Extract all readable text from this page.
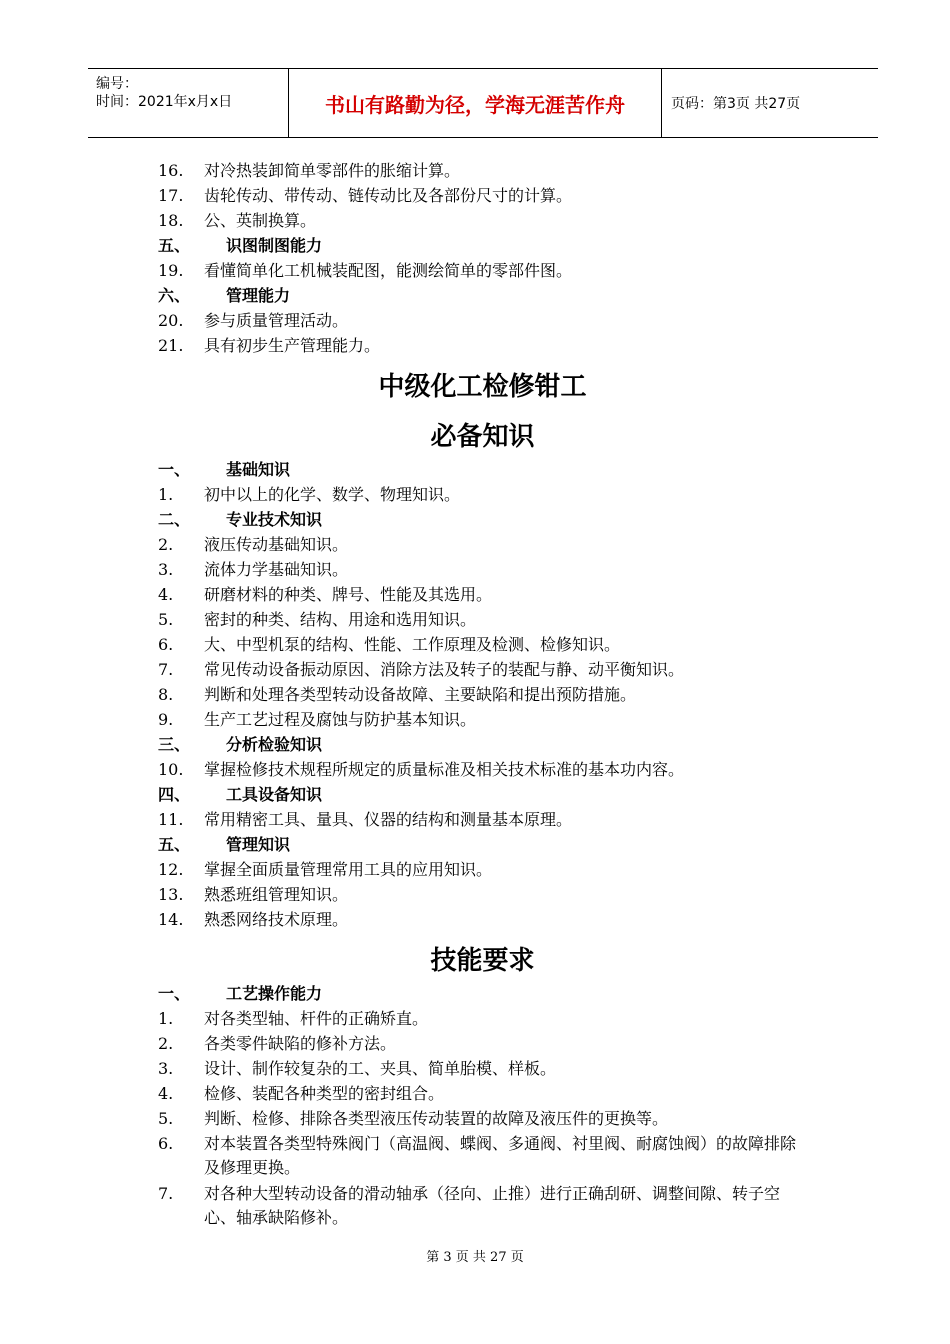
编号：
时间：2021年x月x日	书山有路勤为径，学海无涯苦作舟	页码：第3页 共27页
16. 对冷热装卸简单零部件的胀缩计算。
17. 齿轮传动、带传动、链传动比及各部份尺寸的计算。
18. 公、英制换算。
五、 识图制图能力
19. 看懂简单化工机械装配图，能测绘简单的零部件图。
六、 管理能力
20. 参与质量管理活动。
21. 具有初步生产管理能力。
中级化工检修钳工
必备知识
一、 基础知识
1. 初中以上的化学、数学、物理知识。
二、 专业技术知识
2. 液压传动基础知识。
3. 流体力学基础知识。
4. 研磨材料的种类、牌号、性能及其选用。
5. 密封的种类、结构、用途和选用知识。
6. 大、中型机泵的结构、性能、工作原理及检测、检修知识。
7. 常见传动设备振动原因、消除方法及转子的装配与静、动平衡知识。
8. 判断和处理各类型转动设备故障、主要缺陷和提出预防措施。
9. 生产工艺过程及腐蚀与防护基本知识。
三、 分析检验知识
10. 掌握检修技术规程所规定的质量标准及相关技术标准的基本功内容。
四、 工具设备知识
11. 常用精密工具、量具、仪器的结构和测量基本原理。
五、 管理知识
12. 掌握全面质量管理常用工具的应用知识。
13. 熟悉班组管理知识。
14. 熟悉网络技术原理。
技能要求
一、 工艺操作能力
1. 对各类型轴、杆件的正确矫直。
2. 各类零件缺陷的修补方法。
3. 设计、制作较复杂的工、夹具、简单胎模、样板。
4. 检修、装配各种类型的密封组合。
5. 判断、检修、排除各类型液压传动装置的故障及液压件的更换等。
6. 对本装置各类型特殊阀门（高温阀、蝶阀、多通阀、衬里阀、耐腐蚀阀）的故障排除及修理更换。
7. 对各种大型转动设备的滑动轴承（径向、止推）进行正确刮研、调整间隙、转子空心、轴承缺陷修补。
第 3 页 共 27 页
